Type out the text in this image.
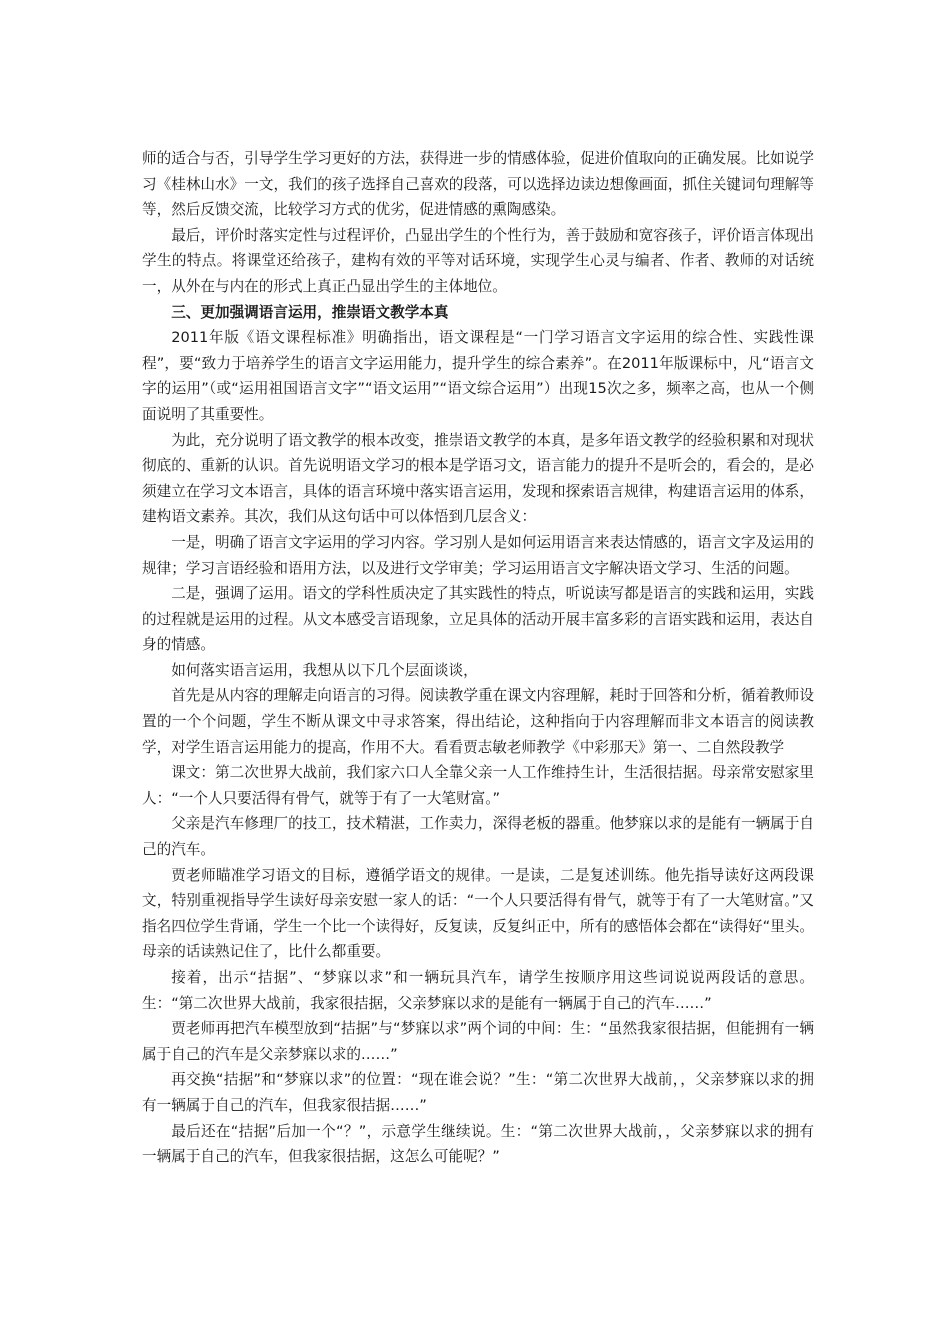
师的适合与否，引导学生学习更好的方法，获得进一步的情感体验，促进价值取向的正确发展。比如说学习《桂林山水》一文，我们的孩子选择自己喜欢的段落，可以选择边读边想像画面，抓住关键词句理解等等，然后反馈交流，比较学习方式的优劣，促进情感的熏陶感染。

最后，评价时落实定性与过程评价，凸显出学生的个性行为，善于鼓励和宽容孩子，评价语言体现出学生的特点。将课堂还给孩子，建构有效的平等对话环境，实现学生心灵与编者、作者、教师的对话统一，从外在与内在的形式上真正凸显出学生的主体地位。

三、更加强调语言运用，推崇语文教学本真

2011年版《语文课程标准》明确指出，语文课程是“一门学习语言文字运用的综合性、实践性课程”，要“致力于培养学生的语言文字运用能力，提升学生的综合素养”。在2011年版课标中，凡“语言文字的运用”（或“运用祖国语言文字”“语文运用”“语文综合运用”）出现15次之多，频率之高，也从一个侧面说明了其重要性。

为此，充分说明了语文教学的根本改变，推崇语文教学的本真，是多年语文教学的经验积累和对现状彻底的、重新的认识。首先说明语文学习的根本是学语习文，语言能力的提升不是听会的，看会的，是必须建立在学习文本语言，具体的语言环境中落实语言运用，发现和探索语言规律，构建语言运用的体系，建构语文素养。其次，我们从这句话中可以体悟到几层含义：

一是，明确了语言文字运用的学习内容。学习别人是如何运用语言来表达情感的，语言文字及运用的规律；学习言语经验和语用方法，以及进行文学审美；学习运用语言文字解决语文学习、生活的问题。

二是，强调了运用。语文的学科性质决定了其实践性的特点，听说读写都是语言的实践和运用，实践的过程就是运用的过程。从文本感受言语现象，立足具体的活动开展丰富多彩的言语实践和运用，表达自身的情感。

如何落实语言运用，我想从以下几个层面谈谈，

首先是从内容的理解走向语言的习得。阅读教学重在课文内容理解，耗时于回答和分析，循着教师设置的一个个问题，学生不断从课文中寻求答案，得出结论，这种指向于内容理解而非文本语言的阅读教学，对学生语言运用能力的提高，作用不大。看看贾志敏老师教学《中彩那天》第一、二自然段教学

课文：第二次世界大战前，我们家六口人全靠父亲一人工作维持生计，生活很拮据。母亲常安慰家里人：“一个人只要活得有骨气，就等于有了一大笔财富。”

父亲是汽车修理厂的技工，技术精湛，工作卖力，深得老板的器重。他梦寐以求的是能有一辆属于自己的汽车。

贾老师瞄准学习语文的目标，遵循学语文的规律。一是读，二是复述训练。他先指导读好这两段课文，特别重视指导学生读好母亲安慰一家人的话：“一个人只要活得有骨气，就等于有了一大笔财富。”又指名四位学生背诵，学生一个比一个读得好，反复读，反复纠正中，所有的感悟体会都在“读得好“里头。母亲的话读熟记住了，比什么都重要。

接着，出示“拮据”、“梦寐以求”和一辆玩具汽车，请学生按顺序用这些词说说两段话的意思。生：“第二次世界大战前，我家很拮据，父亲梦寐以求的是能有一辆属于自己的汽车……”

贾老师再把汽车模型放到“拮据”与“梦寐以求”两个词的中间：生：“虽然我家很拮据，但能拥有一辆属于自己的汽车是父亲梦寐以求的……”

再交换“拮据”和“梦寐以求”的位置：“现在谁会说？”生：“第二次世界大战前，，父亲梦寐以求的拥有一辆属于自己的汽车，但我家很拮据……”

最后还在“拮据”后加一个“？”，示意学生继续说。生：“第二次世界大战前，，父亲梦寐以求的拥有一辆属于自己的汽车，但我家很拮据，这怎么可能呢？”
